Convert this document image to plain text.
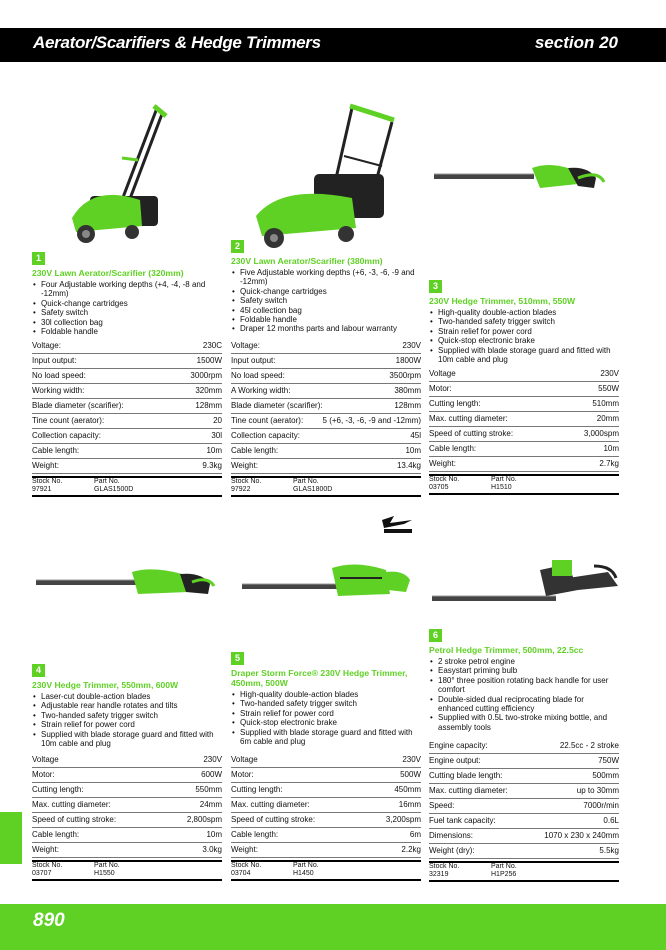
Aerator/Scarifiers & Hedge Trimmers	section 20
1
230V Lawn Aerator/Scarifier (320mm)
• Four Adjustable working depths (+4, -4, -8 and -12mm)
• Quick-change cartridges
• Safety switch
• 30l collection bag
• Foldable handle
Voltage:	230C
Input output:	1500W
No load speed:	3000rpm
Working width:	320mm
Blade diameter (scarifier):	128mm
Tine count (aerator):	20
Collection capacity:	30l
Cable length:	10m
Weight:	9.3kg
Stock No.	Part No.
97921	GLAS1500D
2
230V Lawn Aerator/Scarifier (380mm)
• Five Adjustable working depths (+6, -3, -6, -9 and -12mm)
• Quick-change cartridges
• Safety switch
• 45l collection bag
• Foldable handle
• Draper 12 months parts and labour warranty
Voltage:	230V
Input output:	1800W
No load speed:	3500rpm
A Working width:	380mm
Blade diameter (scarifier):	128mm
Tine count (aerator): 5 (+6, -3, -6, -9 and -12mm)
Collection capacity:	45l
Cable length:	10m
Weight:	13.4kg
Stock No.	Part No.
97922	GLAS1800D
3
230V Hedge Trimmer, 510mm, 550W
• High-quality double-action blades
• Two-handed safety trigger switch
• Strain relief for power cord
• Quick-stop electronic brake
• Supplied with blade storage guard and fitted with 10m cable and plug
Voltage	230V
Motor:	550W
Cutting length:	510mm
Max. cutting diameter:	20mm
Speed of cutting stroke:	3,000spm
Cable length:	10m
Weight:	2.7kg
Stock No.	Part No.
03705	H1510
4
230V Hedge Trimmer, 550mm, 600W
• Laser-cut double-action blades
• Adjustable rear handle rotates and tilts
• Two-handed safety trigger switch
• Strain relief for power cord
• Supplied with blade storage guard and fitted with 10m cable and plug
Voltage	230V
Motor:	600W
Cutting length:	550mm
Max. cutting diameter:	24mm
Speed of cutting stroke:	2,800spm
Cable length:	10m
Weight:	3.0kg
Stock No.	Part No.
03707	H1550
5
Draper Storm Force® 230V Hedge Trimmer, 450mm, 500W
• High-quality double-action blades
• Two-handed safety trigger switch
• Strain relief for power cord
• Quick-stop electronic brake
• Supplied with blade storage guard and fitted with 6m cable and plug
Voltage	230V
Motor:	500W
Cutting length:	450mm
Max. cutting diameter:	16mm
Speed of cutting stroke:	3,200spm
Cable length:	6m
Weight:	2.2kg
Stock No.	Part No.
03704	H1450
6
Petrol Hedge Trimmer, 500mm, 22.5cc
• 2 stroke petrol engine
• Easystart priming bulb
• 180° three position rotating back handle for user comfort
• Double-sided dual reciprocating blade for enhanced cutting efficiency
• Supplied with 0.5L two-stroke mixing bottle, and assembly tools
Engine capacity:	22.5cc - 2 stroke
Engine output:	750W
Cutting blade length:	500mm
Max. cutting diameter:	up to 30mm
Speed:	7000r/min
Fuel tank capacity:	0.6L
Dimensions:	1070 x 230 x 240mm
Weight (dry):	5.5kg
Stock No.	Part No.
32319	H1P256
890
